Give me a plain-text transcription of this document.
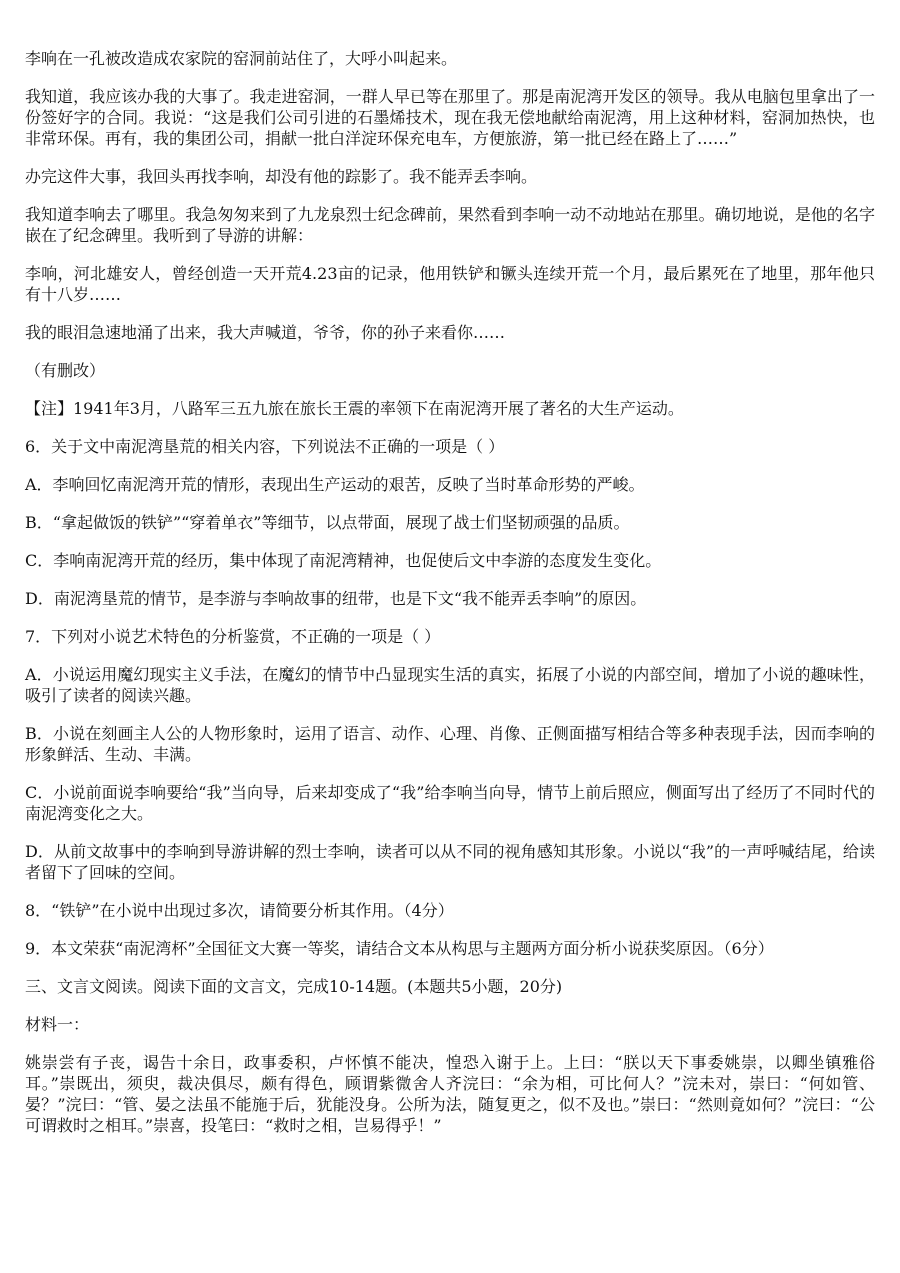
李响在一孔被改造成农家院的窑洞前站住了，大呼小叫起来。

我知道，我应该办我的大事了。我走进窑洞，一群人早已等在那里了。那是南泥湾开发区的领导。我从电脑包里拿出了一份签好字的合同。我说：“这是我们公司引进的石墨烯技术，现在我无偿地献给南泥湾，用上这种材料，窑洞加热快，也非常环保。再有，我的集团公司，捐献一批白洋淀环保充电车，方便旅游，第一批已经在路上了……”

办完这件大事，我回头再找李响，却没有他的踪影了。我不能弄丢李响。

我知道李响去了哪里。我急匆匆来到了九龙泉烈士纪念碑前，果然看到李响一动不动地站在那里。确切地说，是他的名字嵌在了纪念碑里。我听到了导游的讲解：

李响，河北雄安人，曾经创造一天开荒4.23亩的记录，他用铁铲和镢头连续开荒一个月，最后累死在了地里，那年他只有十八岁……

我的眼泪急速地涌了出来，我大声喊道，爷爷，你的孙子来看你……

（有删改）

【注】1941年3月，八路军三五九旅在旅长王震的率领下在南泥湾开展了著名的大生产运动。

6．关于文中南泥湾垦荒的相关内容，下列说法不正确的一项是（ ）

A．李响回忆南泥湾开荒的情形，表现出生产运动的艰苦，反映了当时革命形势的严峻。

B．“拿起做饭的铁铲”“穿着单衣”等细节，以点带面，展现了战士们坚韧顽强的品质。

C．李响南泥湾开荒的经历，集中体现了南泥湾精神，也促使后文中李游的态度发生变化。

D．南泥湾垦荒的情节，是李游与李响故事的纽带，也是下文“我不能弄丢李响”的原因。

7．下列对小说艺术特色的分析鉴赏，不正确的一项是（ ）

A．小说运用魔幻现实主义手法，在魔幻的情节中凸显现实生活的真实，拓展了小说的内部空间，增加了小说的趣味性，吸引了读者的阅读兴趣。

B．小说在刻画主人公的人物形象时，运用了语言、动作、心理、肖像、正侧面描写相结合等多种表现手法，因而李响的形象鲜活、生动、丰满。

C．小说前面说李响要给“我”当向导，后来却变成了“我”给李响当向导，情节上前后照应，侧面写出了经历了不同时代的南泥湾变化之大。

D．从前文故事中的李响到导游讲解的烈士李响，读者可以从不同的视角感知其形象。小说以“我”的一声呼喊结尾，给读者留下了回味的空间。

8．“铁铲”在小说中出现过多次，请简要分析其作用。（4分）

9．本文荣获“南泥湾杯”全国征文大赛一等奖，请结合文本从构思与主题两方面分析小说获奖原因。（6分）

三、文言文阅读。阅读下面的文言文，完成10-14题。(本题共5小题，20分)

材料一：

姚崇尝有子丧，谒告十余日，政事委积，卢怀慎不能决，惶恐入谢于上。上曰：“朕以天下事委姚崇，以卿坐镇雅俗耳。”崇既出，须臾，裁决俱尽，颇有得色，顾谓紫微舍人齐浣曰：“余为相，可比何人？”浣未对，崇曰：“何如管、晏？”浣曰：“管、晏之法虽不能施于后，犹能没身。公所为法，随复更之，似不及也。”崇曰：“然则竟如何？”浣曰：“公可谓救时之相耳。”崇喜，投笔曰：“救时之相，岂易得乎！”
